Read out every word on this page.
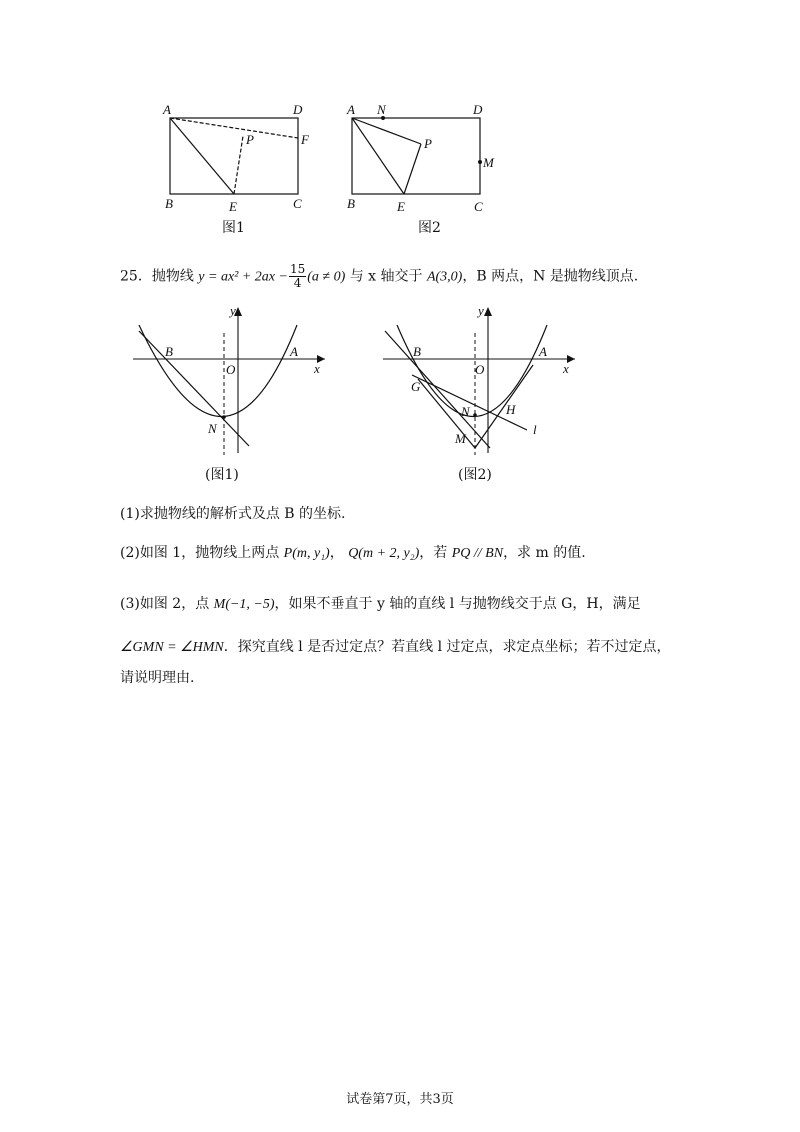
A	D
B	C
E
P	F
图1
A N	D
P
M
B	E	C
图2
25．抛物线 $y = ax^2 + 2ax - \frac{15}{4} (a \ne 0)$ 与 x 轴交于 A(3,0)，B 两点，N 是抛物线顶点.
y
B
O
A
x
N
(图1)
y
B
O
A
x
G
N	H
M
l
(图2)
(1)求抛物线的解析式及点 B 的坐标.
(2)如图 1，抛物线上两点 P(m, y₁)， Q(m + 2, y₂)，若 PQ // BN，求 m 的值.
(3)如图 2，点 M(−1, −5)，如果不垂直于 y 轴的直线 l 与抛物线交于点 G，H，满足
∠GMN = ∠HMN．探究直线 l 是否过定点？若直线 l 过定点，求定点坐标；若不过定点，
请说明理由.
试卷第7页，共3页
